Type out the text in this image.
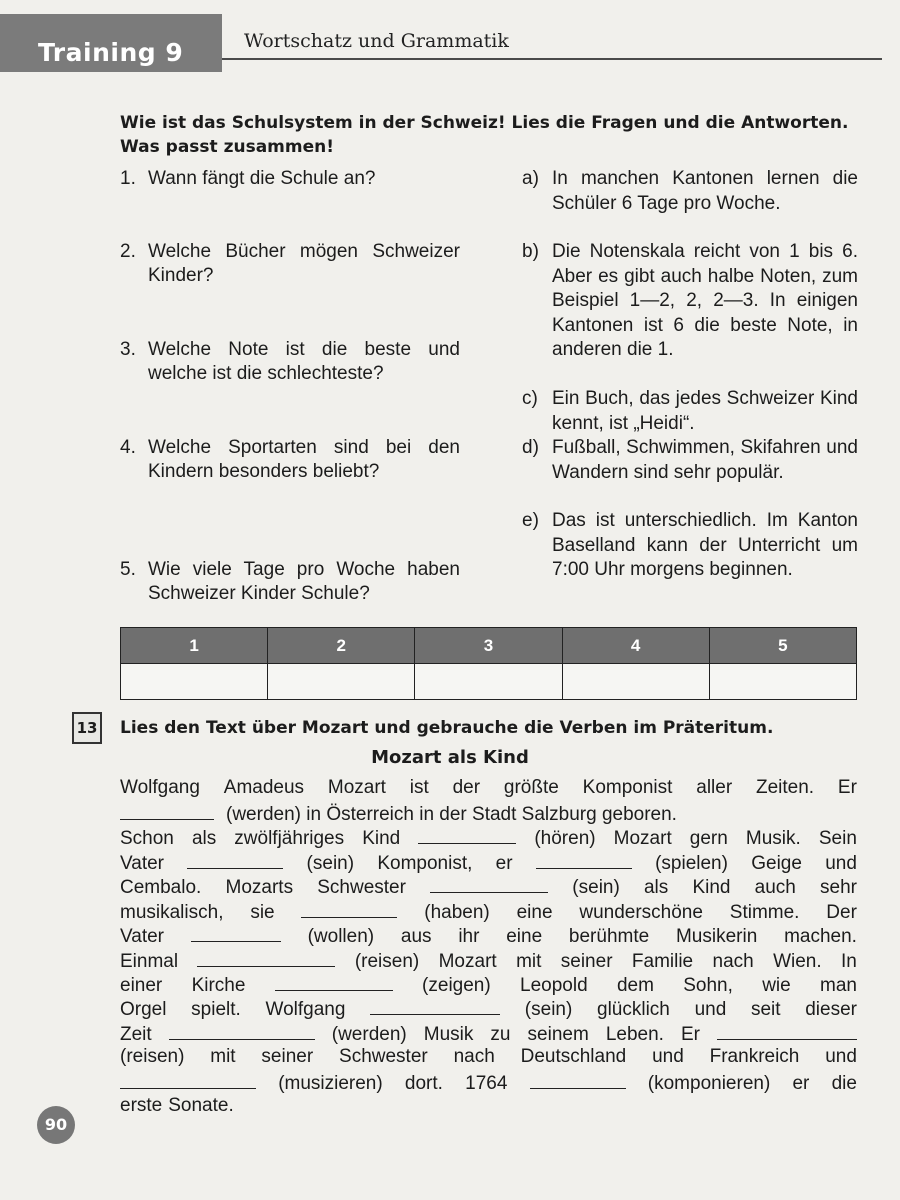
Training 9	Wortschatz und Grammatik
Wie ist das Schulsystem in der Schweiz! Lies die Fragen und die Antworten.
Was passt zusammen!
1. Wann fängt die Schule an?
2. Welche Bücher mögen Schweizer Kinder?
3. Welche Note ist die beste und welche ist die schlechteste?
4. Welche Sportarten sind bei den Kindern besonders beliebt?
5. Wie viele Tage pro Woche haben Schweizer Kinder Schule?
a) In manchen Kantonen lernen die Schüler 6 Tage pro Woche.
b) Die Notenskala reicht von 1 bis 6. Aber es gibt auch halbe Noten, zum Beispiel 1—2, 2, 2—3. In einigen Kantonen ist 6 die beste Note, in anderen die 1.
c) Ein Buch, das jedes Schweizer Kind kennt, ist „Heidi“.
d) Fußball, Schwimmen, Skifahren und Wandern sind sehr populär.
e) Das ist unterschiedlich. Im Kanton Baselland kann der Unterricht um 7:00 Uhr morgens beginnen.
1	2	3	4	5

13 Lies den Text über Mozart und gebrauche die Verben im Präteritum.
Mozart als Kind
Wolfgang Amadeus Mozart ist der größte Komponist aller Zeiten. Er
(werden) in Österreich in der Stadt Salzburg geboren.
Schon als zwölfjähriges Kind	(hören) Mozart gern Musik. Sein
Vater	(sein) Komponist, er	(spielen) Geige und
Cembalo. Mozarts Schwester	(sein) als Kind auch sehr
musikalisch, sie	(haben) eine wunderschöne Stimme. Der
Vater	(wollen) aus ihr eine berühmte Musikerin machen.
Einmal	(reisen) Mozart mit seiner Familie nach Wien. In
einer Kirche	(zeigen) Leopold dem Sohn, wie man
Orgel spielt. Wolfgang	(sein) glücklich und seit dieser
Zeit	(werden) Musik zu seinem Leben. Er
(reisen) mit seiner Schwester nach Deutschland und Frankreich und
(musizieren) dort. 1764	(komponieren) er die
erste Sonate.
90
